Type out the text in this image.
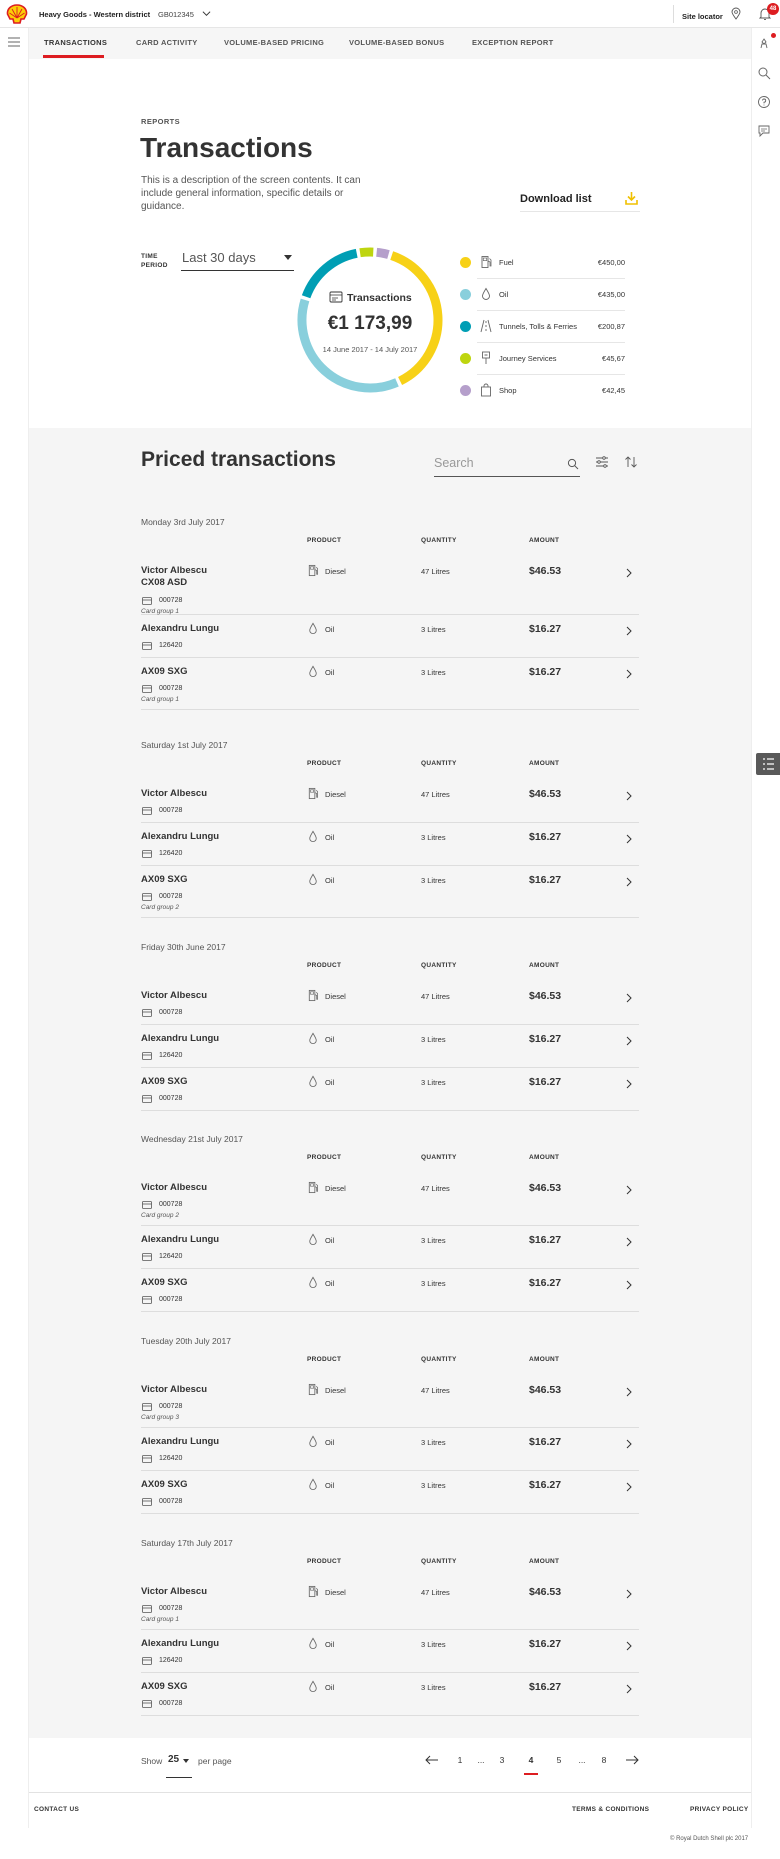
Heavy Goods - Western district GB012345	Site locator
48
TRANSACTIONS	CARD ACTIVITY	VOLUME-BASED PRICING	VOLUME-BASED BONUS	EXCEPTION REPORT
REPORTS
Transactions

This is a description of the screen contents. It can include general information, specific details or guidance.

Download list
TIME
PERIOD
Last 30 days
Transactions
€1 173,99
14 June 2017 - 14 July 2017
Fuel	€450,00
Oil	€435,00
Tunnels, Tolls & Ferries	€200,87
Journey Services	€45,67
Shop	€42,45
Priced transactions	Search
Monday 3rd July 2017
PRODUCT	QUANTITY	AMOUNT
Victor Albescu
CX08 ASD
000728
Card group 1
Diesel	47 Litres	$46.53
Alexandru Lungu
126420
Oil	3 Litres	$16.27
AX09 SXG
000728
Card group 1
Oil	3 Litres	$16.27
Saturday 1st July 2017
PRODUCT	QUANTITY	AMOUNT
Victor Albescu
000728
Diesel	47 Litres	$46.53
Alexandru Lungu
126420
Oil	3 Litres	$16.27
AX09 SXG
000728
Card group 2
Oil	3 Litres	$16.27
Friday 30th June 2017
PRODUCT	QUANTITY	AMOUNT
Victor Albescu
000728
Diesel	47 Litres	$46.53
Alexandru Lungu
126420
Oil	3 Litres	$16.27
AX09 SXG
000728
Oil	3 Litres	$16.27
Wednesday 21st July 2017
PRODUCT	QUANTITY	AMOUNT
Victor Albescu
000728
Card group 2
Diesel	47 Litres	$46.53
Alexandru Lungu
126420
Oil	3 Litres	$16.27
AX09 SXG
000728
Oil	3 Litres	$16.27
Tuesday 20th July 2017
PRODUCT	QUANTITY	AMOUNT
Victor Albescu
000728
Card group 3
Diesel	47 Litres	$46.53
Alexandru Lungu
126420
Oil	3 Litres	$16.27
AX09 SXG
000728
Oil	3 Litres	$16.27
Saturday 17th July 2017
PRODUCT	QUANTITY	AMOUNT
Victor Albescu
000728
Card group 1
Diesel	47 Litres	$46.53
Alexandru Lungu
126420
Oil	3 Litres	$16.27
AX09 SXG
000728
Oil	3 Litres	$16.27
Show 25 per page	1	...	3	4	5	...	8
CONTACT US	TERMS & CONDITIONS	PRIVACY POLICY
© Royal Dutch Shell plc 2017
